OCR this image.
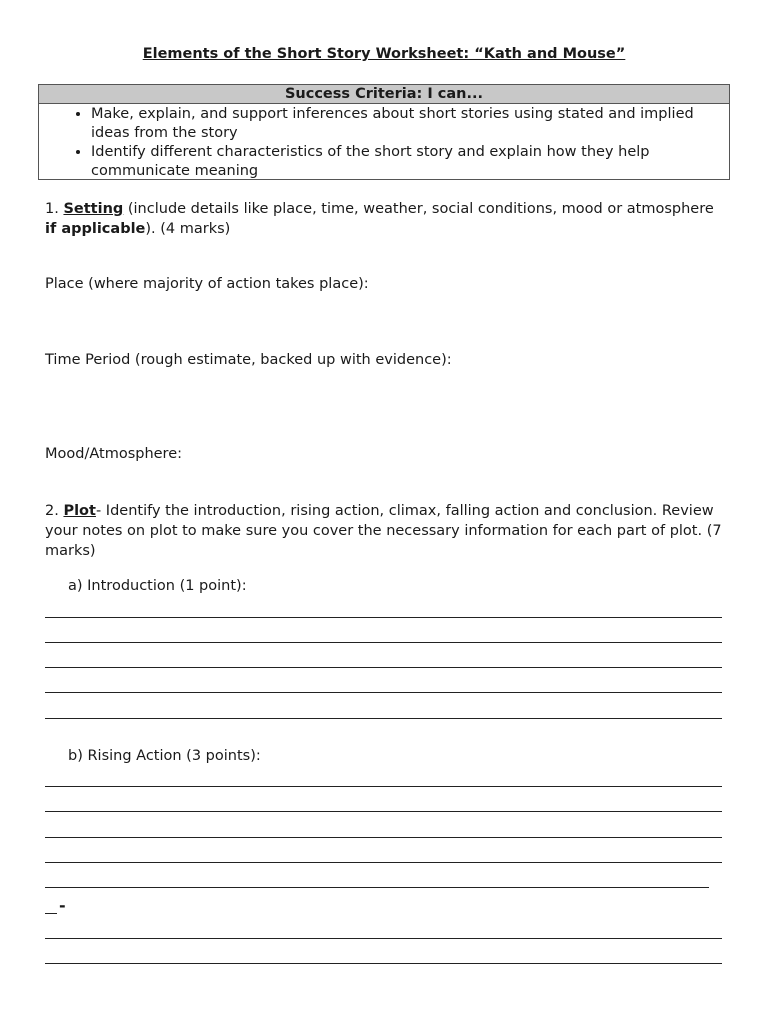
Elements of the Short Story Worksheet: “Kath and Mouse”
Success Criteria: I can...
• Make, explain, and support inferences about short stories using stated and implied ideas from the story
• Identify different characteristics of the short story and explain how they help communicate meaning
1. Setting (include details like place, time, weather, social conditions, mood or atmosphere if applicable). (4 marks)
Place (where majority of action takes place):
Time Period (rough estimate, backed up with evidence):
Mood/Atmosphere:
2. Plot- Identify the introduction, rising action, climax, falling action and conclusion. Review your notes on plot to make sure you cover the necessary information for each part of plot. (7 marks)
a) Introduction (1 point):
b) Rising Action (3 points):
-
